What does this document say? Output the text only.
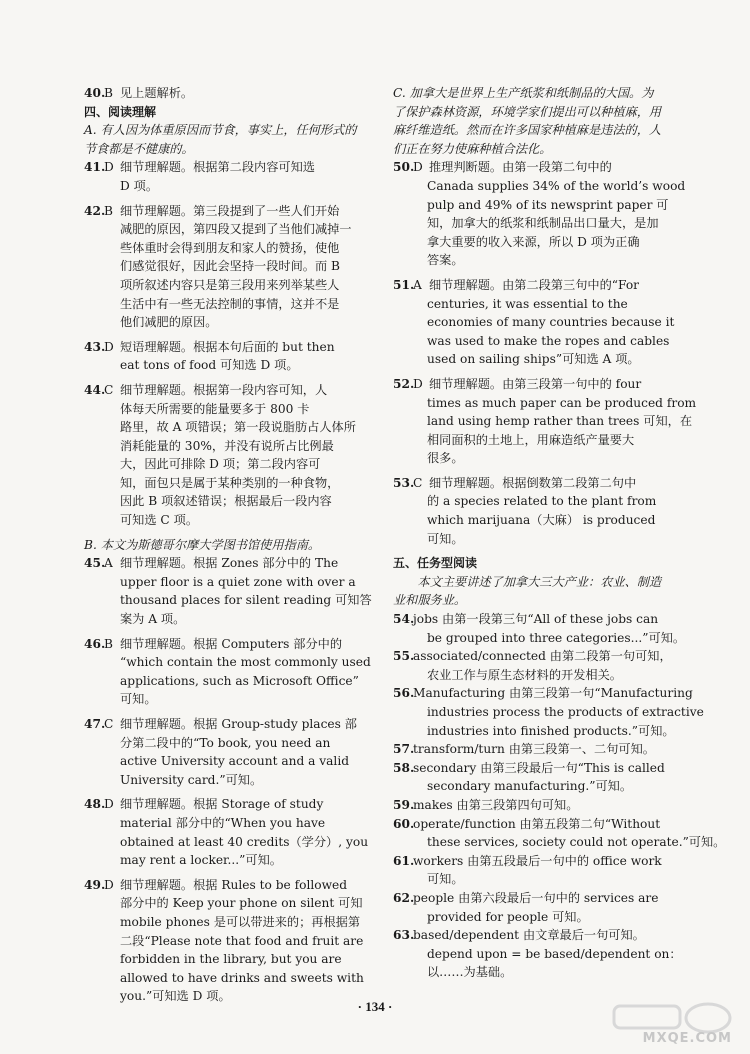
40.B 见上题解析。
四、阅读理解
A. 有人因为体重原因而节食，事实上，任何形式的
节食都是不健康的。
41.D 细节理解题。根据第二段内容可知选
D 项。
42.B 细节理解题。第三段提到了一些人们开始
减肥的原因，第四段又提到了当他们减掉一
些体重时会得到朋友和家人的赞扬，使他
们感觉很好，因此会坚持一段时间。而 B
项所叙述内容只是第三段用来列举某些人
生活中有一些无法控制的事情，这并不是
他们减肥的原因。
43.D 短语理解题。根据本句后面的 but then
eat tons of food 可知选 D 项。
44.C 细节理解题。根据第一段内容可知，人
体每天所需要的能量要多于 800 卡
路里，故 A 项错误；第一段说脂肪占人体所
消耗能量的 30%，并没有说所占比例最
大，因此可排除 D 项；第二段内容可
知，面包只是属于某种类别的一种食物，
因此 B 项叙述错误；根据最后一段内容
可知选 C 项。
B. 本文为斯德哥尔摩大学图书馆使用指南。
45.A 细节理解题。根据 Zones 部分中的 The
upper floor is a quiet zone with over a
thousand places for silent reading 可知答
案为 A 项。
46.B 细节理解题。根据 Computers 部分中的
“which contain the most commonly used
applications, such as Microsoft Office”
可知。
47.C 细节理解题。根据 Group-study places 部
分第二段中的“To book, you need an
active University account and a valid
University card.”可知。
48.D 细节理解题。根据 Storage of study
material 部分中的“When you have
obtained at least 40 credits（学分）, you
may rent a locker...”可知。
49.D 细节理解题。根据 Rules to be followed
部分中的 Keep your phone on silent 可知
mobile phones 是可以带进来的；再根据第
二段“Please note that food and fruit are
forbidden in the library, but you are
allowed to have drinks and sweets with
you.”可知选 D 项。
C. 加拿大是世界上生产纸浆和纸制品的大国。为
了保护森林资源，环境学家们提出可以种植麻，用
麻纤维造纸。然而在许多国家种植麻是违法的，人
们正在努力使麻种植合法化。
50.D 推理判断题。由第一段第二句中的
Canada supplies 34% of the world’s wood
pulp and 49% of its newsprint paper 可
知，加拿大的纸浆和纸制品出口量大，是加
拿大重要的收入来源，所以 D 项为正确
答案。
51.A 细节理解题。由第二段第三句中的“For
centuries, it was essential to the
economies of many countries because it
was used to make the ropes and cables
used on sailing ships”可知选 A 项。
52.D 细节理解题。由第三段第一句中的 four
times as much paper can be produced from
land using hemp rather than trees 可知，在
相同面积的土地上，用麻造纸产量要大
很多。
53.C 细节理解题。根据倒数第二段第二句中
的 a species related to the plant from
which marijuana（大麻） is produced
可知。
五、任务型阅读
本文主要讲述了加拿大三大产业：农业、制造
业和服务业。
54.jobs 由第一段第三句“All of these jobs can
be grouped into three categories...”可知。
55.associated/connected 由第二段第一句可知，
农业工作与原生态材料的开发相关。
56.Manufacturing 由第三段第一句“Manufacturing
industries process the products of extractive
industries into finished products.”可知。
57.transform/turn 由第三段第一、二句可知。
58.secondary 由第三段最后一句“This is called
secondary manufacturing.”可知。
59.makes 由第三段第四句可知。
60.operate/function 由第五段第二句“Without
these services, society could not operate.”可知。
61.workers 由第五段最后一句中的 office work
可知。
62.people 由第六段最后一句中的 services are
provided for people 可知。
63.based/dependent 由文章最后一句可知。
depend upon = be based/dependent on：
以……为基础。
· 134 ·
MXQE.COM
